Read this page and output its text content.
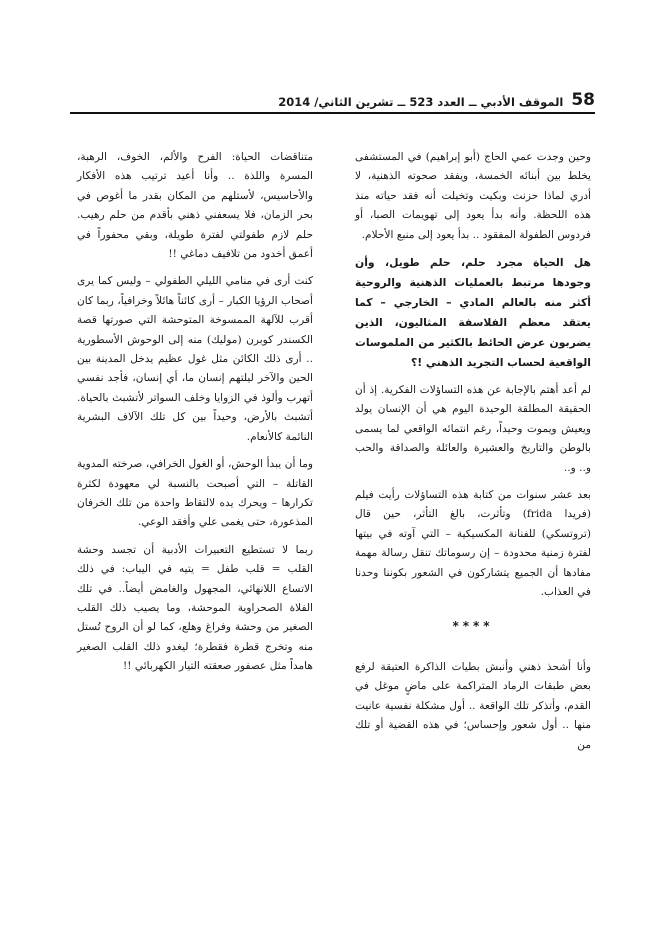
58
الموقف الأدبي ــ العدد 523 ــ تشرين الثاني/ 2014

وحين وجدت عمي الحاج (أبو إبراهيم) في المستشفى يخلط بين أبنائه الخمسة، ويفقد صحوته الذهنية، لا أدري لماذا حزنت وبكيت وتخيلت أنه فقد حياته منذ هذه اللحظة. وأنه بدأ يعود إلى تهويمات الصبا، أو فردوس الطفولة المفقود .. بدأ يعود إلى منبع الأحلام.

هل الحياة مجرد حلم، حلم طويل، وأن وجودها مرتبط بالعمليات الذهنية والروحية أكثر منه بالعالم المادي – الخارجي – كما يعتقد معظم الفلاسفة المثاليون، الذين يضربون عرض الحائط بالكثير من الملموسات الواقعية لحساب التجريد الذهني !؟

لم أعد أهتم بالإجابة عن هذه التساؤلات الفكرية. إذ أن الحقيقة المطلقة الوحيدة اليوم هي أن الإنسان يولد ويعيش ويموت وحيداً، رغم انتمائه الواقعي لما يسمى بالوطن والتاريخ والعشيرة والعائلة والصداقة والحب و.. و..

بعد عشر سنوات من كتابة هذه التساؤلات رأيت فيلم (فريدا frida) وتأثرت، بالغ التأثر، حين قال (تروتسكي) للفنانة المكسيكية – التي آوته في بيتها لفترة زمنية محدودة – إن رسوماتك تنقل رسالة مهمة مفادها أن الجميع يتشاركون في الشعور بكوننا وحدنا في العذاب.

****

وأنا أشحذ ذهني وأنبش بطيات الذاكرة العتيقة لرفع بعض طبقات الرماد المتراكمة على ماضٍ موغل في القدم، وأتذكر تلك الواقعة .. أول مشكلة نفسية عانيت منها .. أول شعور وإحساس؛ في هذه القضية أو تلك من

متناقضات الحياة: الفرح والألم، الخوف، الرهبة، المسرة واللذة .. وأنا أعيد ترتيب هذه الأفكار والأحاسيس، لأستلهم من المكان بقدر ما أغوص في بحر الزمان، فلا يسعفني ذهني بأقدم من حلم رهيب. حلم لازم طفولتي لفترة طويلة، وبقي محفوراً في أعمق أخدود من تلافيف دماغي !!

كنت أرى في منامي الليلي الطفولي – وليس كما يرى أصحاب الرؤيا الكبار – أرى كائناً هائلاً وخرافياً، ربما كان أقرب للآلهة الممسوخة المتوحشة التي صورتها قصة الكسندر كوبرن (موليك) منه إلى الوحوش الأسطورية .. أرى ذلك الكائن مثل غول عظيم يدخل المدينة بين الحين والآخر ليلتهم إنسان ما، أي إنسان، فأجد نفسي أتهرب وألوذ في الزوايا وخلف السواتر لأتشبث بالحياة. أتشبث بالأرض، وحيداً بين كل تلك الآلاف البشرية النائمة كالأنعام.

وما أن يبدأ الوحش، أو الغول الخرافي، صرخته المدوية القاتلة – التي أصبحت بالنسبة لي معهودة لكثرة تكرارها – ويحرك يده لالتقاط واحدة من تلك الخرفان المذعورة، حتى يغمى علي وأفقد الوعي.

ربما لا تستطيع التعبيرات الأدبية أن تجسد وحشة القلب = قلب طفل = يتيه في اليباب: في ذلك الاتساع اللانهائي، المجهول والغامض أيضاً.. في تلك الفلاة الصحراوية الموحشة، وما يصيب ذلك القلب الصغير من وحشة وفراغ وهلع، كما لو أن الروح تُستل منه وتخرج قطرة فقطرة؛ ليغدو ذلك القلب الصغير هامداً مثل عصفور صعقته التيار الكهربائي !!
